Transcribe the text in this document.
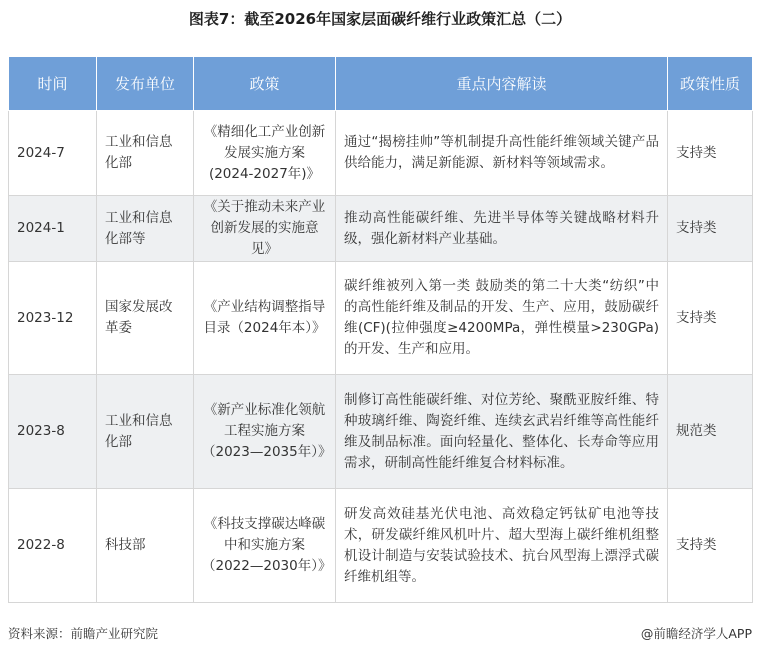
图表7：截至2026年国家层面碳纤维行业政策汇总（二）
时间	发布单位	政策	重点内容解读	政策性质
2024-7	工业和信息化部	《精细化工产业创新发展实施方案(2024-2027年)》	通过“揭榜挂帅”等机制提升高性能纤维领域关键产品供给能力，满足新能源、新材料等领域需求。	支持类
2024-1	工业和信息化部等	《关于推动未来产业创新发展的实施意见》	推动高性能碳纤维、先进半导体等关键战略材料升级，强化新材料产业基础。	支持类
2023-12	国家发展改革委	《产业结构调整指导目录（2024年本）》	碳纤维被列入第一类 鼓励类的第二十大类“纺织”中的高性能纤维及制品的开发、生产、应用，鼓励碳纤维(CF)(拉伸强度≥4200MPa，弹性模量>230GPa)的开发、生产和应用。	支持类
2023-8	工业和信息化部	《新产业标准化领航工程实施方案（2023—2035年）》	制修订高性能碳纤维、对位芳纶、聚酰亚胺纤维、特种玻璃纤维、陶瓷纤维、连续玄武岩纤维等高性能纤维及制品标准。面向轻量化、整体化、长寿命等应用需求，研制高性能纤维复合材料标准。	规范类
2022-8	科技部	《科技支撑碳达峰碳中和实施方案（2022—2030年）》	研发高效硅基光伏电池、高效稳定钙钛矿电池等技术，研发碳纤维风机叶片、超大型海上碳纤维机组整机设计制造与安装试验技术、抗台风型海上漂浮式碳纤维机组等。	支持类
资料来源：前瞻产业研究院	@前瞻经济学人APP
